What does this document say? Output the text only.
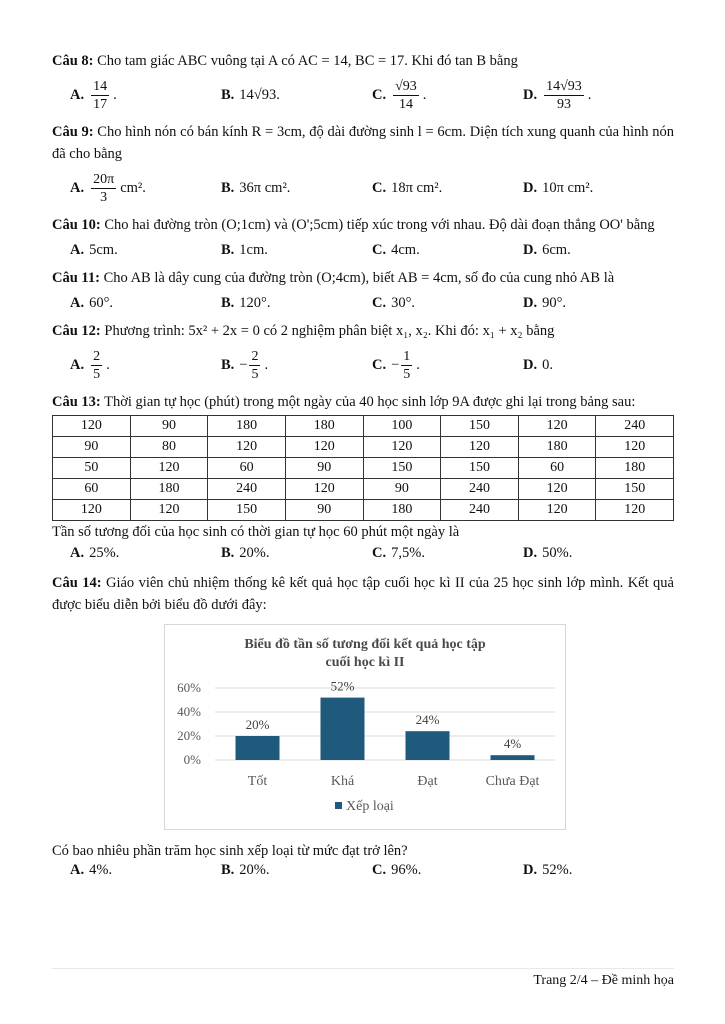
Câu 8: Cho tam giác ABC vuông tại A có AC = 14, BC = 17. Khi đó tan B bằng

A. $\frac{14}{17}$ .	B. 14√93.	C. $\frac{√93}{14}$ .	D. $\frac{14√93}{93}$ .

Câu 9: Cho hình nón có bán kính R = 3cm, độ dài đường sinh l = 6cm. Diện tích xung quanh của hình nón đã cho bằng

A. $\frac{20\pi}{3} cm^2$.	B. 36π cm².	C. 18π cm².	D. 10π cm².

Câu 10: Cho hai đường tròn (O;1cm) và (O';5cm) tiếp xúc trong với nhau. Độ dài đoạn thẳng OO' bằng

A. 5cm.	B. 1cm.	C. 4cm.	D. 6cm.

Câu 11: Cho AB là dây cung của đường tròn (O;4cm), biết AB = 4cm, số đo của cung nhỏ AB là

A. 60°.	B. 120°.	C. 30°.	D. 90°.

Câu 12: Phương trình: 5x² + 2x = 0 có 2 nghiệm phân biệt x₁, x₂. Khi đó: x₁ + x₂ bằng

A. $\frac{2}{5}$ .	B. − $\frac{2}{5}$ .	C. − $\frac{1}{5}$ .	D. 0.

Câu 13: Thời gian tự học (phút) trong một ngày của 40 học sinh lớp 9A được ghi lại trong bảng sau:

120	90	180	180	100	150	120	240
90	80	120	120	120	120	180	120
50	120	60	90	150	150	60	180
60	180	240	120	90	240	120	150
120	120	150	90	180	240	120	120

Tần số tương đối của học sinh có thời gian tự học 60 phút một ngày là

A. 25%.	B. 20%.	C. 7,5%.	D. 50%.

Câu 14: Giáo viên chủ nhiệm thống kê kết quả học tập cuối học kì II của 25 học sinh lớp mình. Kết quả được biểu diễn bởi biểu đồ dưới đây:

Biểu đồ tần số tương đối kết quả học tập
cuối học kì II
0%
20%
40%
60%
20%
Tốt
52%
Khá
24%
Đạt
4%
Chưa Đạt
Xếp loại

Có bao nhiêu phần trăm học sinh xếp loại từ mức đạt trở lên?

A. 4%.	B. 20%.	C. 96%.	D. 52%.
Trang 2/4 – Đề minh họa
